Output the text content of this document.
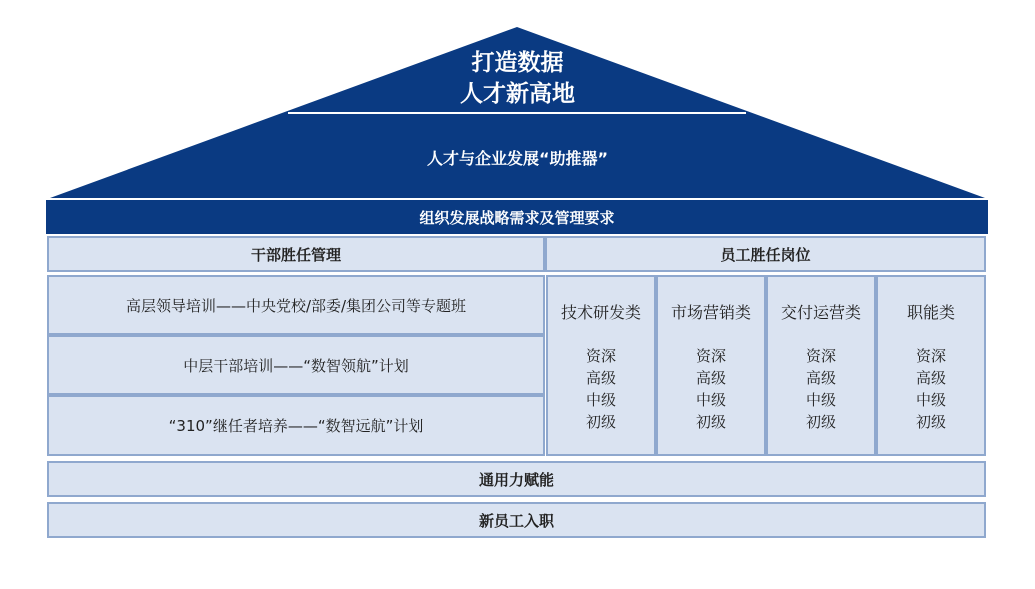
打造数据
人才新高地
人才与企业发展“助推器”
组织发展战略需求及管理要求
干部胜任管理	员工胜任岗位
高层领导培训——中央党校/部委/集团公司等专题班
中层干部培训——“数智领航”计划
“310”继任者培养——“数智远航”计划
技术研发类
资深
高级
中级
初级
市场营销类
资深
高级
中级
初级
交付运营类
资深
高级
中级
初级
职能类
资深
高级
中级
初级
通用力赋能
新员工入职
